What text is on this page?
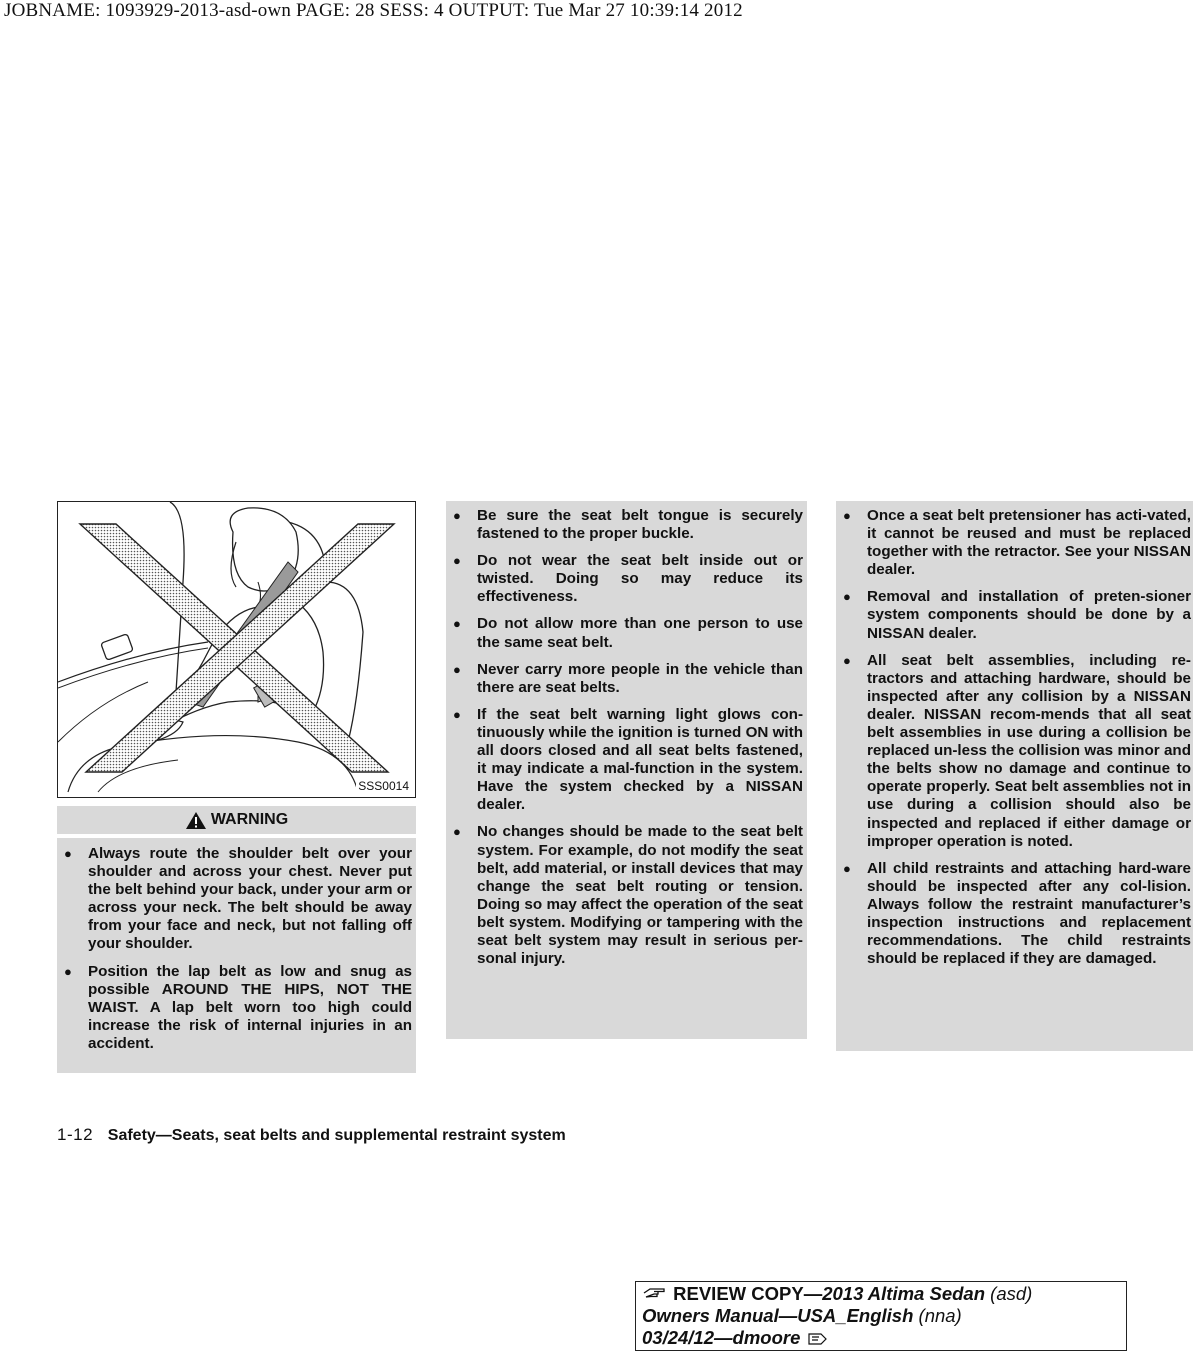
JOBNAME: 1093929-2013-asd-own PAGE: 28 SESS: 4 OUTPUT: Tue Mar 27 10:39:14 2012
SSS0014
WARNING
● Always route the shoulder belt over your shoulder and across your chest. Never put the belt behind your back, under your arm or across your neck. The belt should be away from your face and neck, but not falling off your shoulder.
● Position the lap belt as low and snug as possible AROUND THE HIPS, NOT THE WAIST. A lap belt worn too high could increase the risk of internal injuries in an accident.
● Be sure the seat belt tongue is securely fastened to the proper buckle.
● Do not wear the seat belt inside out or twisted. Doing so may reduce its effectiveness.
● Do not allow more than one person to use the same seat belt.
● Never carry more people in the vehicle than there are seat belts.
● If the seat belt warning light glows con-tinuously while the ignition is turned ON with all doors closed and all seat belts fastened, it may indicate a mal-function in the system. Have the system checked by a NISSAN dealer.
● No changes should be made to the seat belt system. For example, do not modify the seat belt, add material, or install devices that may change the seat belt routing or tension. Doing so may affect the operation of the seat belt system. Modifying or tampering with the seat belt system may result in serious per-sonal injury.
● Once a seat belt pretensioner has acti-vated, it cannot be reused and must be replaced together with the retractor. See your NISSAN dealer.
● Removal and installation of preten-sioner system components should be done by a NISSAN dealer.
● All seat belt assemblies, including re-tractors and attaching hardware, should be inspected after any collision by a NISSAN dealer. NISSAN recom-mends that all seat belt assemblies in use during a collision be replaced un-less the collision was minor and the belts show no damage and continue to operate properly. Seat belt assemblies not in use during a collision should also be inspected and replaced if either damage or improper operation is noted.
● All child restraints and attaching hard-ware should be inspected after any col-lision. Always follow the restraint manufacturer’s inspection instructions and replacement recommendations. The child restraints should be replaced if they are damaged.
1-12 Safety—Seats, seat belts and supplemental restraint system
REVIEW COPY—2013 Altima Sedan (asd)
Owners Manual—USA_English (nna)
03/24/12—dmoore
